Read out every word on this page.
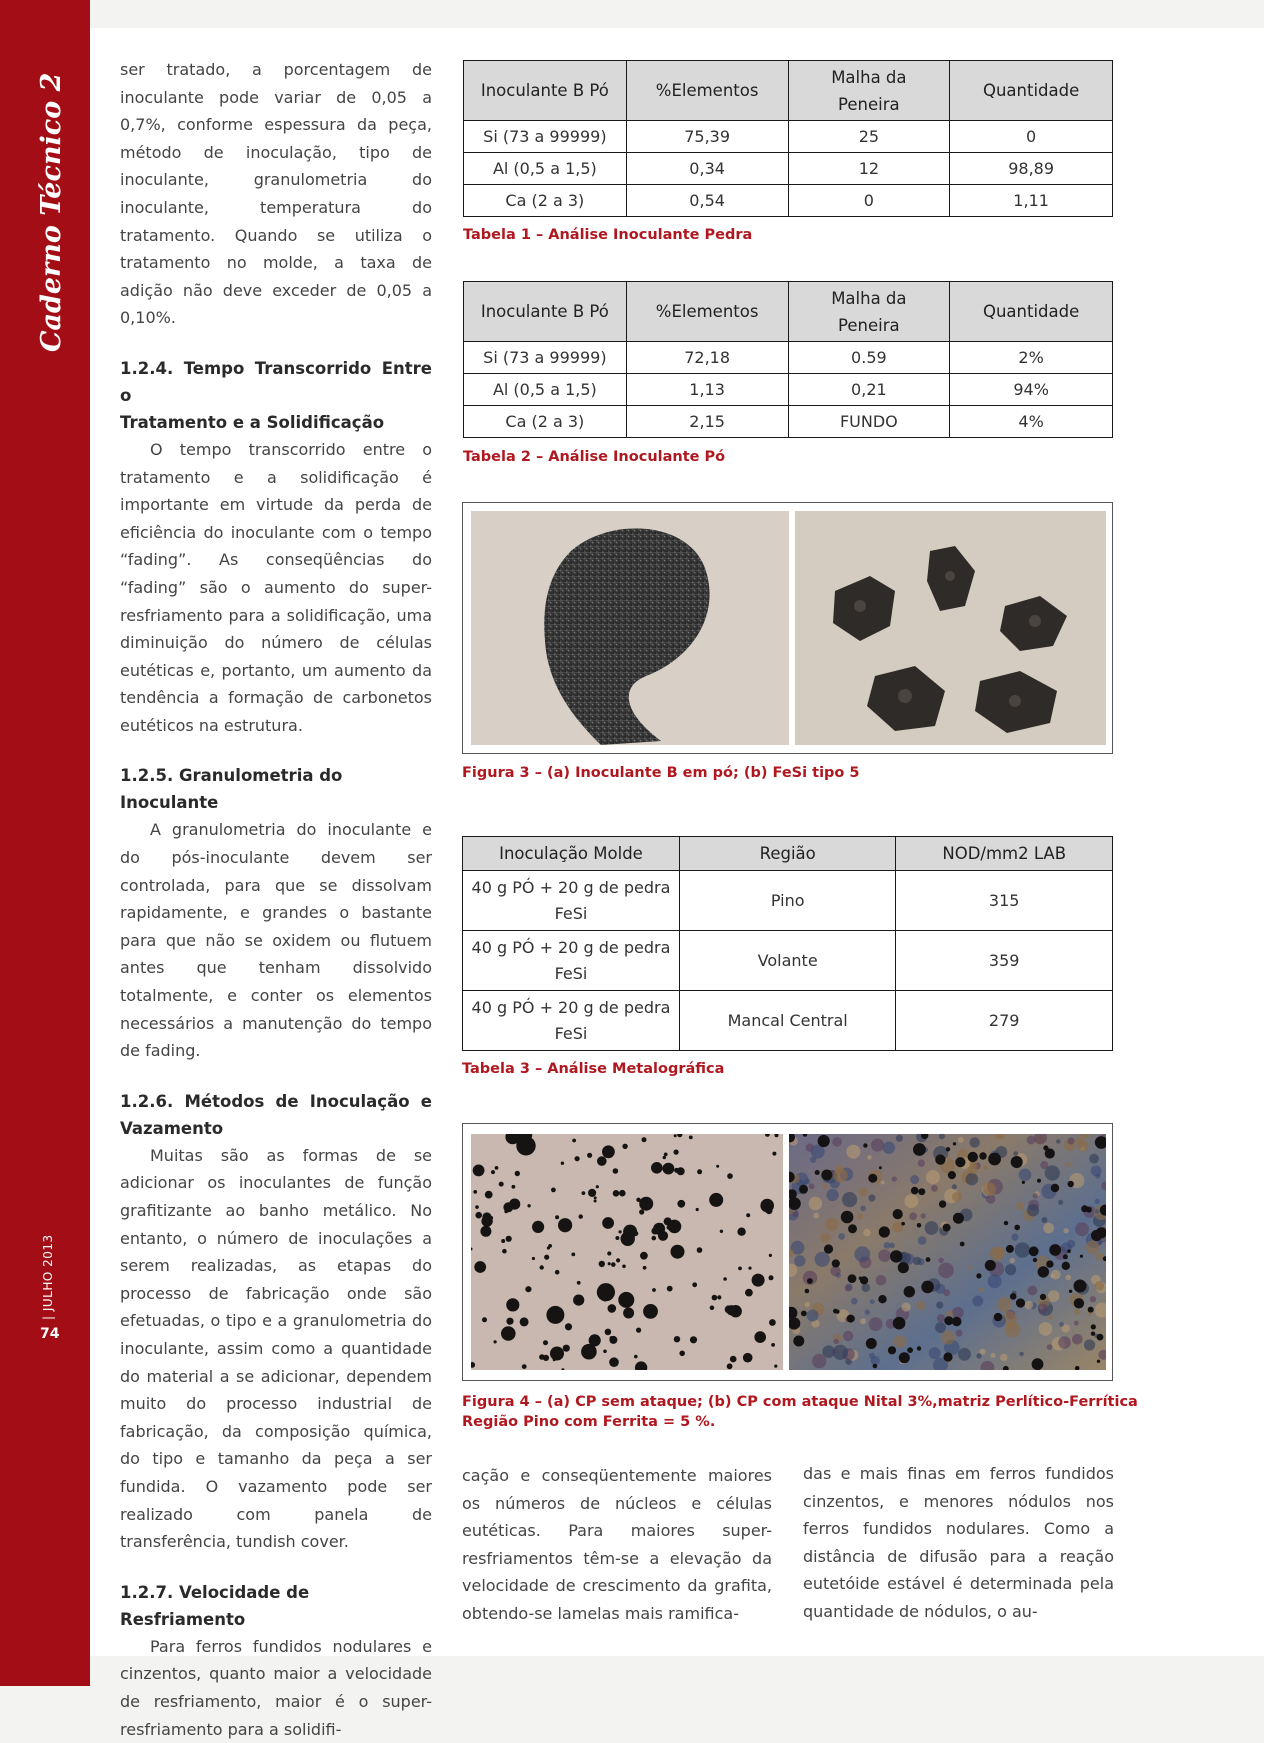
Caderno Técnico 2
| JULHO 2013
74

ser tratado, a porcentagem de inoculante pode variar de 0,05 a 0,7%, conforme espessura da peça, método de inoculação, tipo de inoculante, granulometria do inoculante, temperatura do tratamento. Quando se utiliza o tratamento no molde, a taxa de adição não deve exceder de 0,05 a 0,10%.

1.2.4. Tempo Transcorrido Entre o
Tratamento e a Solidificação

O tempo transcorrido entre o tratamento e a solidificação é importante em virtude da perda de eficiência do inoculante com o tempo “fading”. As conseqüências do “fading” são o aumento do super-resfriamento para a solidificação, uma diminuição do número de células eutéticas e, portanto, um aumento da tendência a formação de carbonetos eutéticos na estrutura.

1.2.5. Granulometria do Inoculante

A granulometria do inoculante e do pós-inoculante devem ser controlada, para que se dissolvam rapidamente, e grandes o bastante para que não se oxidem ou flutuem antes que tenham dissolvido totalmente, e conter os elementos necessários a manutenção do tempo de fading.

1.2.6. Métodos de Inoculação e
Vazamento

Muitas são as formas de se adicionar os inoculantes de função grafitizante ao banho metálico. No entanto, o número de inoculações a serem realizadas, as etapas do processo de fabricação onde são efetuadas, o tipo e a granulometria do inoculante, assim como a quantidade do material a se adicionar, dependem muito do processo industrial de fabricação, da composição química, do tipo e tamanho da peça a ser fundida. O vazamento pode ser realizado com panela de transferência, tundish cover.

1.2.7. Velocidade de Resfriamento

Para ferros fundidos nodulares e cinzentos, quanto maior a velocidade de resfriamento, maior é o super-resfriamento para a solidifi-

Inoculante B Pó	%Elementos	Malha da Peneira	Quantidade
Si (73 a 99999)	75,39	25	0
Al (0,5 a 1,5)	0,34	12	98,89
Ca (2 a 3)	0,54	0	1,11
Tabela 1 – Análise Inoculante Pedra
Inoculante B Pó	%Elementos	Malha da Peneira	Quantidade
Si (73 a 99999)	72,18	0.59	2%
Al (0,5 a 1,5)	1,13	0,21	94%
Ca (2 a 3)	2,15	FUNDO	4%
Tabela 2 – Análise Inoculante Pó
Figura 3 – (a) Inoculante B em pó; (b) FeSi tipo 5
Inoculação Molde	Região	NOD/mm2 LAB
40 g PÓ + 20 g de pedra FeSi	Pino	315
40 g PÓ + 20 g de pedra FeSi	Volante	359
40 g PÓ + 20 g de pedra FeSi	Mancal Central	279
Tabela 3 – Análise Metalográfica
Figura 4 – (a) CP sem ataque; (b) CP com ataque Nital 3%,matriz Perlítico-Ferrítica
Região Pino com Ferrita = 5 %.
cação e conseqüentemente maiores os números de núcleos e células eutéticas. Para maiores super-resfriamentos têm-se a elevação da velocidade de crescimento da grafita, obtendo-se lamelas mais ramifica-
das e mais finas em ferros fundidos cinzentos, e menores nódulos nos ferros fundidos nodulares. Como a distância de difusão para a reação eutetóide estável é determinada pela quantidade de nódulos, o au-
